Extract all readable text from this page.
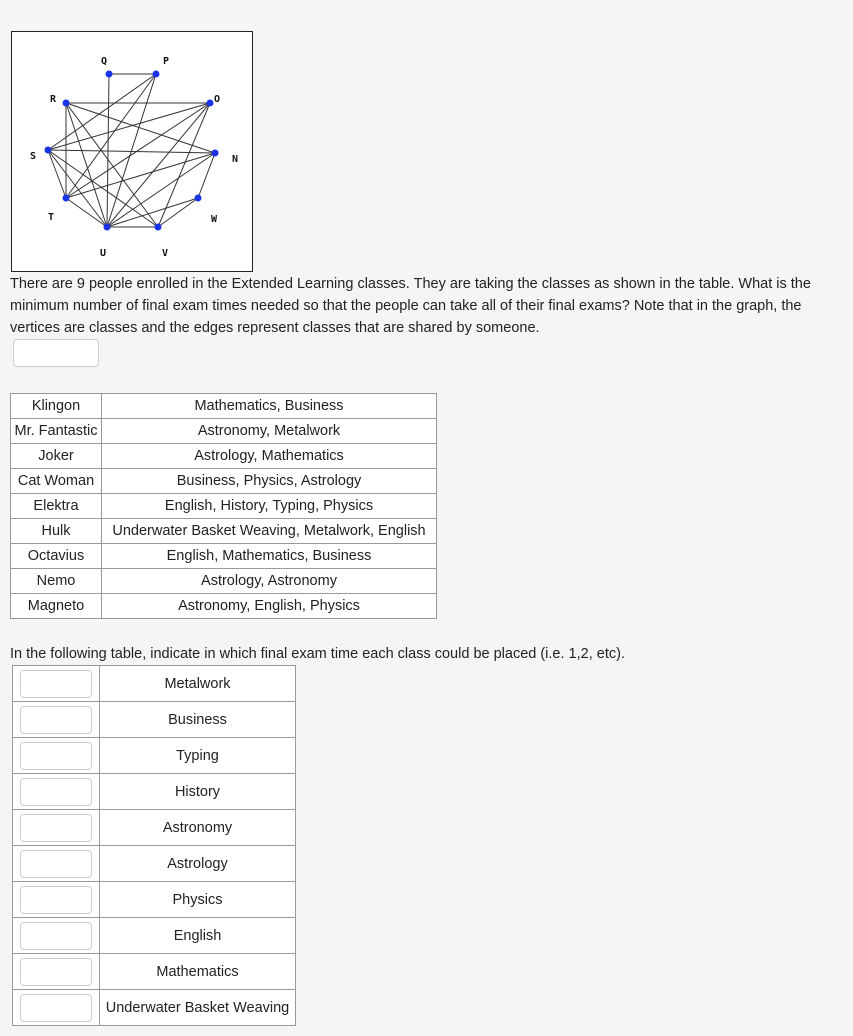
Q	P
R	O
S	N
T	W
U	V

There are 9 people enrolled in the Extended Learning classes. They are taking the classes as shown in the table. What is the minimum number of final exam times needed so that the people can take all of their final exams? Note that in the graph, the vertices are classes and the edges represent classes that are shared by someone.

Klingon	Mathematics, Business
Mr. Fantastic	Astronomy, Metalwork
Joker	Astrology, Mathematics
Cat Woman	Business, Physics, Astrology
Elektra	English, History, Typing, Physics
Hulk	Underwater Basket Weaving, Metalwork, English
Octavius	English, Mathematics, Business
Nemo	Astrology, Astronomy
Magneto	Astronomy, English, Physics

In the following table, indicate in which final exam time each class could be placed (i.e. 1,2, etc).

	Metalwork

	Business

	Typing

	History

	Astronomy

	Astrology

	Physics

	English

	Mathematics

	Underwater Basket Weaving
